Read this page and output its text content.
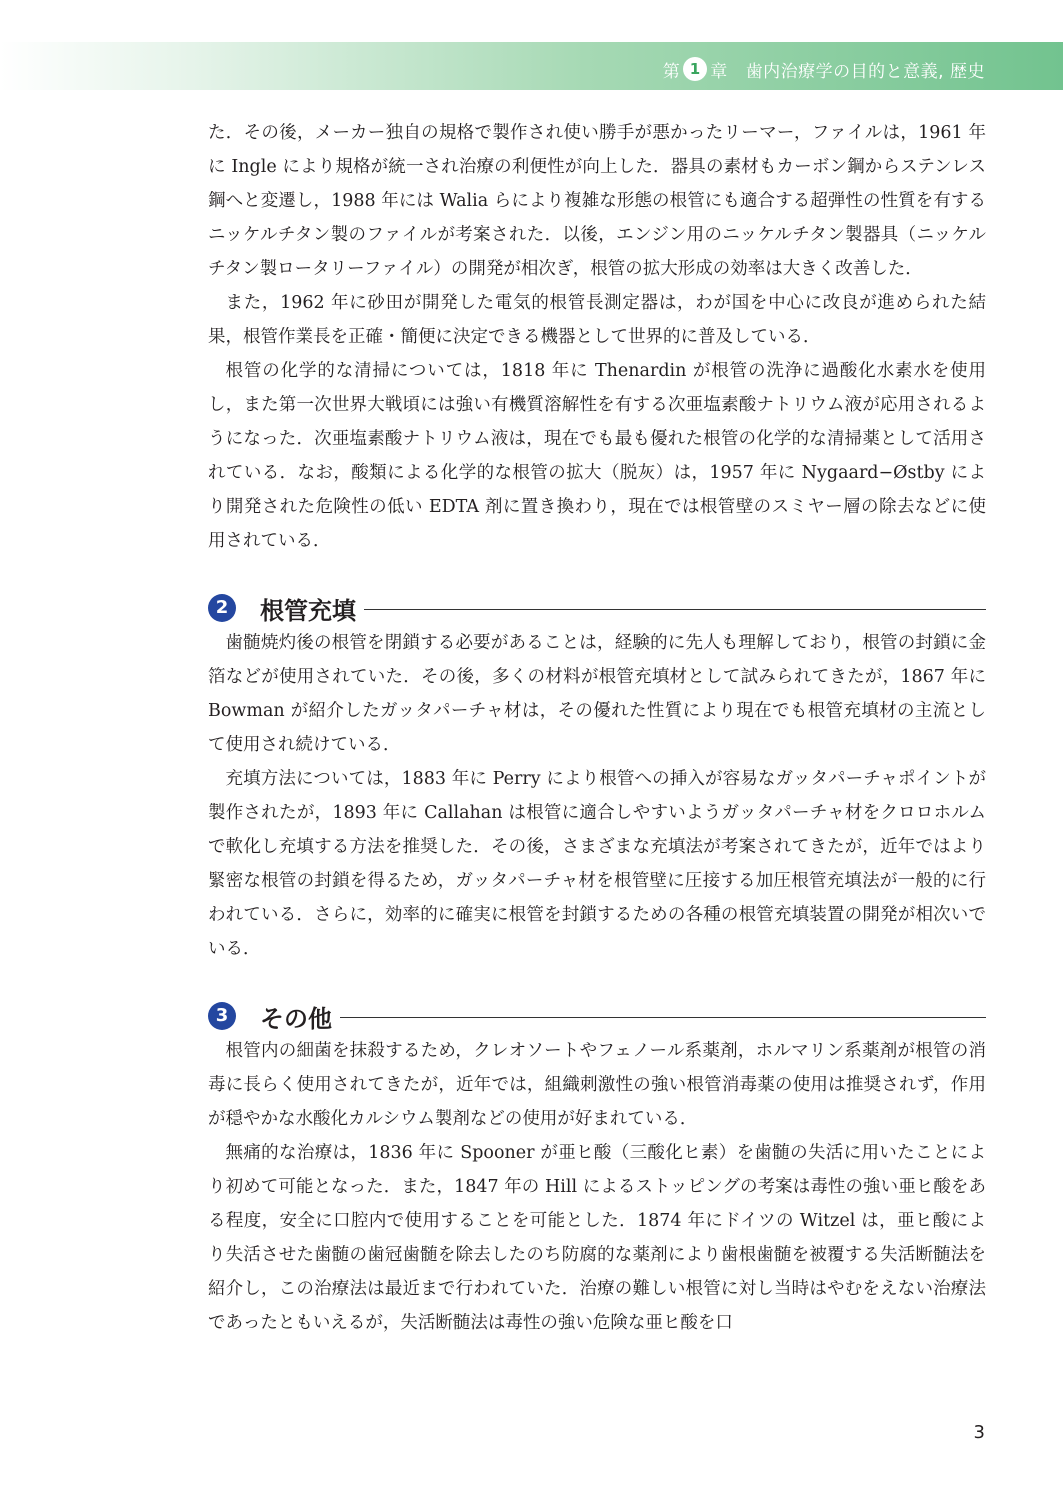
第 1 章 歯内治療学の目的と意義, 歴史

た．その後，メーカー独自の規格で製作され使い勝手が悪かったリーマー，ファイルは，1961 年に Ingle により規格が統一され治療の利便性が向上した．器具の素材もカーボン鋼からステンレス鋼へと変遷し，1988 年には Walia らにより複雑な形態の根管にも適合する超弾性の性質を有するニッケルチタン製のファイルが考案された．以後，エンジン用のニッケルチタン製器具（ニッケルチタン製ロータリーファイル）の開発が相次ぎ，根管の拡大形成の効率は大きく改善した．

また，1962 年に砂田が開発した電気的根管長測定器は，わが国を中心に改良が進められた結果，根管作業長を正確・簡便に決定できる機器として世界的に普及している．

根管の化学的な清掃については，1818 年に Thenardin が根管の洗浄に過酸化水素水を使用し，また第一次世界大戦頃には強い有機質溶解性を有する次亜塩素酸ナトリウム液が応用されるようになった．次亜塩素酸ナトリウム液は，現在でも最も優れた根管の化学的な清掃薬として活用されている．なお，酸類による化学的な根管の拡大（脱灰）は，1957 年に Nygaard−Østby により開発された危険性の低い EDTA 剤に置き換わり，現在では根管壁のスミヤー層の除去などに使用されている．

2	根管充填

歯髄焼灼後の根管を閉鎖する必要があることは，経験的に先人も理解しており，根管の封鎖に金箔などが使用されていた．その後，多くの材料が根管充填材として試みられてきたが，1867 年に Bowman が紹介したガッタパーチャ材は，その優れた性質により現在でも根管充填材の主流として使用され続けている．

充填方法については，1883 年に Perry により根管への挿入が容易なガッタパーチャポイントが製作されたが，1893 年に Callahan は根管に適合しやすいようガッタパーチャ材をクロロホルムで軟化し充填する方法を推奨した．その後，さまざまな充填法が考案されてきたが，近年ではより緊密な根管の封鎖を得るため，ガッタパーチャ材を根管壁に圧接する加圧根管充填法が一般的に行われている．さらに，効率的に確実に根管を封鎖するための各種の根管充填装置の開発が相次いでいる．

3	その他

根管内の細菌を抹殺するため，クレオソートやフェノール系薬剤，ホルマリン系薬剤が根管の消毒に長らく使用されてきたが，近年では，組織刺激性の強い根管消毒薬の使用は推奨されず，作用が穏やかな水酸化カルシウム製剤などの使用が好まれている．

無痛的な治療は，1836 年に Spooner が亜ヒ酸（三酸化ヒ素）を歯髄の失活に用いたことにより初めて可能となった．また，1847 年の Hill によるストッピングの考案は毒性の強い亜ヒ酸をある程度，安全に口腔内で使用することを可能とした．1874 年にドイツの Witzel は，亜ヒ酸により失活させた歯髄の歯冠歯髄を除去したのち防腐的な薬剤により歯根歯髄を被覆する失活断髄法を紹介し，この治療法は最近まで行われていた．治療の難しい根管に対し当時はやむをえない治療法であったともいえるが，失活断髄法は毒性の強い危険な亜ヒ酸を口

3
